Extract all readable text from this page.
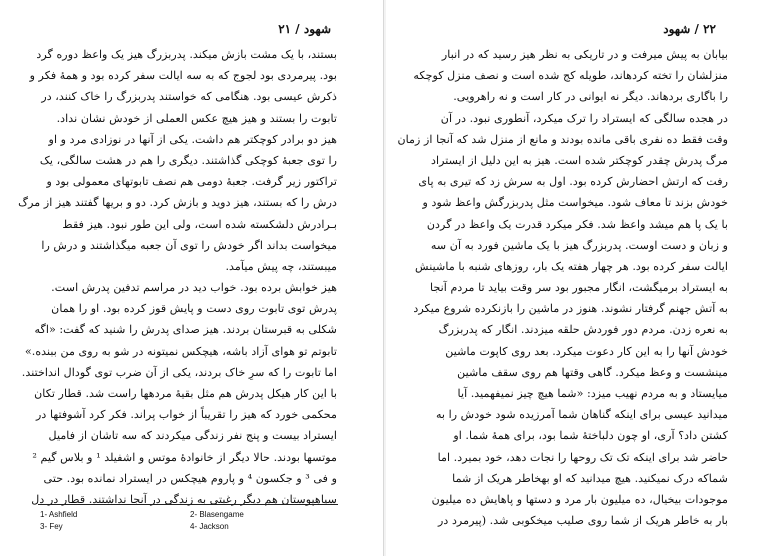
شهود / ۲۱
بستند، با یک مشت بازش میکند. پدربزرگ هیز یک واعظ دوره گرد
بود. پیرمردی بود لجوج که به سه ایالت سفر کرده بود و همهٔ فکر و
ذکرش عیسی بود. هنگامی که خواستند پدربزرگ را خاک کنند، در
تابوت را بستند و هیز هیچ عکس العملی از خودش نشان نداد.
هیز دو برادر کوچکتر هم داشت. یکی از آنها در نوزادی مرد و او
را توی جعبهٔ کوچکی گذاشتند. دیگری را هم در هشت سالگی، یک
تراکتور زیر گرفت. جعبهٔ دومی هم نصف تابوتهای معمولی بود و
درش را که بستند، هیز دوید و بازش کرد. دو و بریها گفتند هیز از مرگ
بـرادرش دلشکسته شده است، ولی این طور نبود. هیز فقط
میخواست بداند اگر خودش را توی آن جعبه میگذاشتند و درش را
میبستند، چه پیش میآمد.
هیز خوابش برده بود. خواب دید در مراسم تدفین پدرش است.
پدرش توی تابوت روی دست و پایش قوز کرده بود. او را همان
شکلی به قبرستان بردند. هیز صدای پدرش را شنید که گفت: «اگه
تابوتم تو هوای آزاد باشه، هیچکس نمیتونه در شو به روی من ببنده.»
اما تابوت را که سرِ خاک بردند، یکی از آن ضرب توی گودال انداختند.
با این کار هیکل پدرش هم مثل بقیهٔ مردهها راست شد. قطار تکان
محکمی خورد که هیز را تقریباً از خواب پراند. فکر کرد آشوفتها در
ایستراد بیست و پنج نفر زندگی میکردند که سه تاشان از فامیل
موتسها بودند. حالا دیگر از خانوادهٔ موتس و اشفیلد ¹ و بلاس گیم ²
و فی ³ و جکسون ⁴ و پاروم هیچکس در ایستراد نمانده بود. حتی
سیاهپوستان هم دیگر رغبتی به زندگی در آنجا نداشتند. قطار در دل
1- Ashfield	2- Blasengame
3- Fey	4- Jackson
۲۲ / شهود
بیابان به پیش میرفت و در تاریکی به نظر هیز رسید که در انبار
منزلشان را تخته کردهاند، طویله کج شده است و نصف منزل کوچکه
را باگاری بردهاند. دیگر نه ایوانی در کار است و نه راهرویی.
در هجده سالگی که ایستراد را ترک میکرد، آنطوری نبود. در آن
وقت فقط ده نفری باقی مانده بودند و مانع از منزل شد که آنجا از زمان
مرگ پدرش چقدر کوچکتر شده است. هیز به این دلیل از ایستراد
رفت که ارتش احضارش کرده بود. اول به سرش زد که تیری به پای
خودش بزند تا معاف شود. میخواست مثل پدربزرگش واعظ شود و
با یک پا هم میشد واعظ شد. فکر میکرد قدرت یک واعظ در گردن
و زبان و دست اوست. پدربزرگ هیز با یک ماشین فورد به آن سه
ایالت سفر کرده بود. هر چهار هفته یک بار، روزهای شنبه با ماشینش
به ایستراد برمیگشت، انگار مجبور بود سر وقت بیاید تا مردم آنجا
به آتش جهنم گرفتار نشوند. هنوز در ماشین را بازنکرده شروع میکرد
به نعره زدن. مردم دور فوردش حلقه میزدند. انگار که پدربزرگ
خودش آنها را به این کار دعوت میکرد. بعد روی کاپوت ماشین
مینشست و وعظ میکرد. گاهی وقتها هم روی سقف ماشین
میایستاد و به مردم نهیب میزد: «شما هیچ چیز نمیفهمید. آیا
میدانید عیسی برای اینکه گناهان شما آمرزیده شود خودش را به
کشتن داد؟ آری، او چون دلباختهٔ شما بود، برای همهٔ شما. او
حاضر شد برای اینکه تک تک روحها را نجات دهد، خود بمیرد. اما
شماکه درک نمیکنید. هیچ میدانید که او بهخاطر هریک از شما
موجودات بیخیال، ده میلیون بار مرد و دستها و پاهایش ده میلیون
بار به خاطر هریک از شما روی صلیب میخکوبی شد. (پیرمرد در
